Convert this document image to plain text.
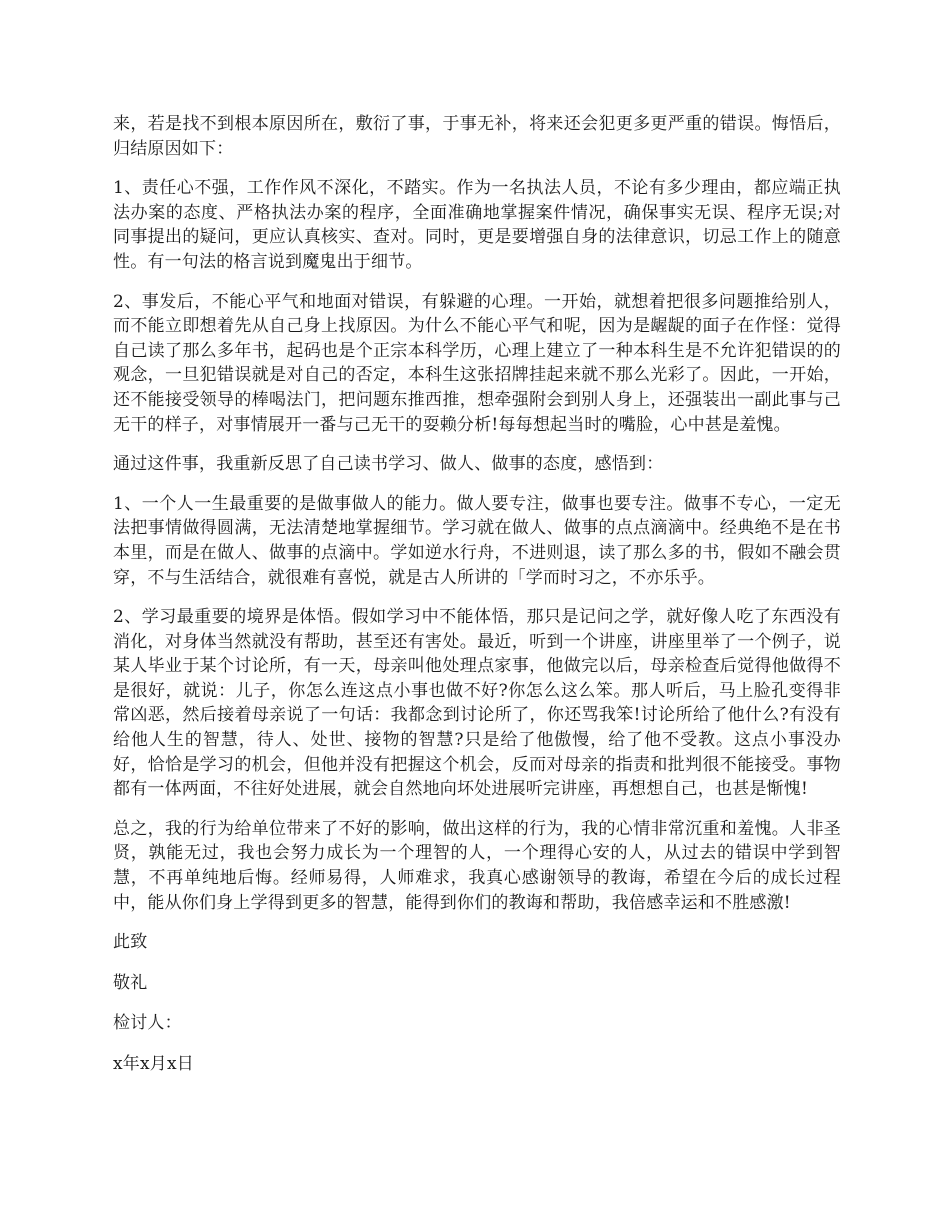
来，若是找不到根本原因所在，敷衍了事，于事无补，将来还会犯更多更严重的错误。悔悟后，归结原因如下：

1、责任心不强，工作作风不深化，不踏实。作为一名执法人员，不论有多少理由，都应端正执法办案的态度、严格执法办案的程序，全面准确地掌握案件情况，确保事实无误、程序无误;对同事提出的疑问，更应认真核实、查对。同时，更是要增强自身的法律意识，切忌工作上的随意性。有一句法的格言说到魔鬼出于细节。

2、事发后，不能心平气和地面对错误，有躲避的心理。一开始，就想着把很多问题推给别人，而不能立即想着先从自己身上找原因。为什么不能心平气和呢，因为是龌龊的面子在作怪：觉得自己读了那么多年书，起码也是个正宗本科学历，心理上建立了一种本科生是不允许犯错误的的观念，一旦犯错误就是对自己的否定，本科生这张招牌挂起来就不那么光彩了。因此，一开始，还不能接受领导的棒喝法门，把问题东推西推，想牵强附会到别人身上，还强装出一副此事与己无干的样子，对事情展开一番与己无干的耍赖分析!每每想起当时的嘴脸，心中甚是羞愧。

通过这件事，我重新反思了自己读书学习、做人、做事的态度，感悟到：

1、一个人一生最重要的是做事做人的能力。做人要专注，做事也要专注。做事不专心，一定无法把事情做得圆满，无法清楚地掌握细节。学习就在做人、做事的点点滴滴中。经典绝不是在书本里，而是在做人、做事的点滴中。学如逆水行舟，不进则退，读了那么多的书，假如不融会贯穿，不与生活结合，就很难有喜悦，就是古人所讲的「学而时习之，不亦乐乎。

2、学习最重要的境界是体悟。假如学习中不能体悟，那只是记问之学，就好像人吃了东西没有消化，对身体当然就没有帮助，甚至还有害处。最近，听到一个讲座，讲座里举了一个例子，说某人毕业于某个讨论所，有一天，母亲叫他处理点家事，他做完以后，母亲检查后觉得他做得不是很好，就说：儿子，你怎么连这点小事也做不好?你怎么这么笨。那人听后，马上脸孔变得非常凶恶，然后接着母亲说了一句话：我都念到讨论所了，你还骂我笨!讨论所给了他什么?有没有给他人生的智慧，待人、处世、接物的智慧?只是给了他傲慢，给了他不受教。这点小事没办好，恰恰是学习的机会，但他并没有把握这个机会，反而对母亲的指责和批判很不能接受。事物都有一体两面，不往好处进展，就会自然地向坏处进展听完讲座，再想想自己，也甚是惭愧!

总之，我的行为给单位带来了不好的影响，做出这样的行为，我的心情非常沉重和羞愧。人非圣贤，孰能无过，我也会努力成长为一个理智的人，一个理得心安的人，从过去的错误中学到智慧，不再单纯地后悔。经师易得，人师难求，我真心感谢领导的教诲，希望在今后的成长过程中，能从你们身上学得到更多的智慧，能得到你们的教诲和帮助，我倍感幸运和不胜感激!

此致

敬礼

检讨人：

x年x月x日
